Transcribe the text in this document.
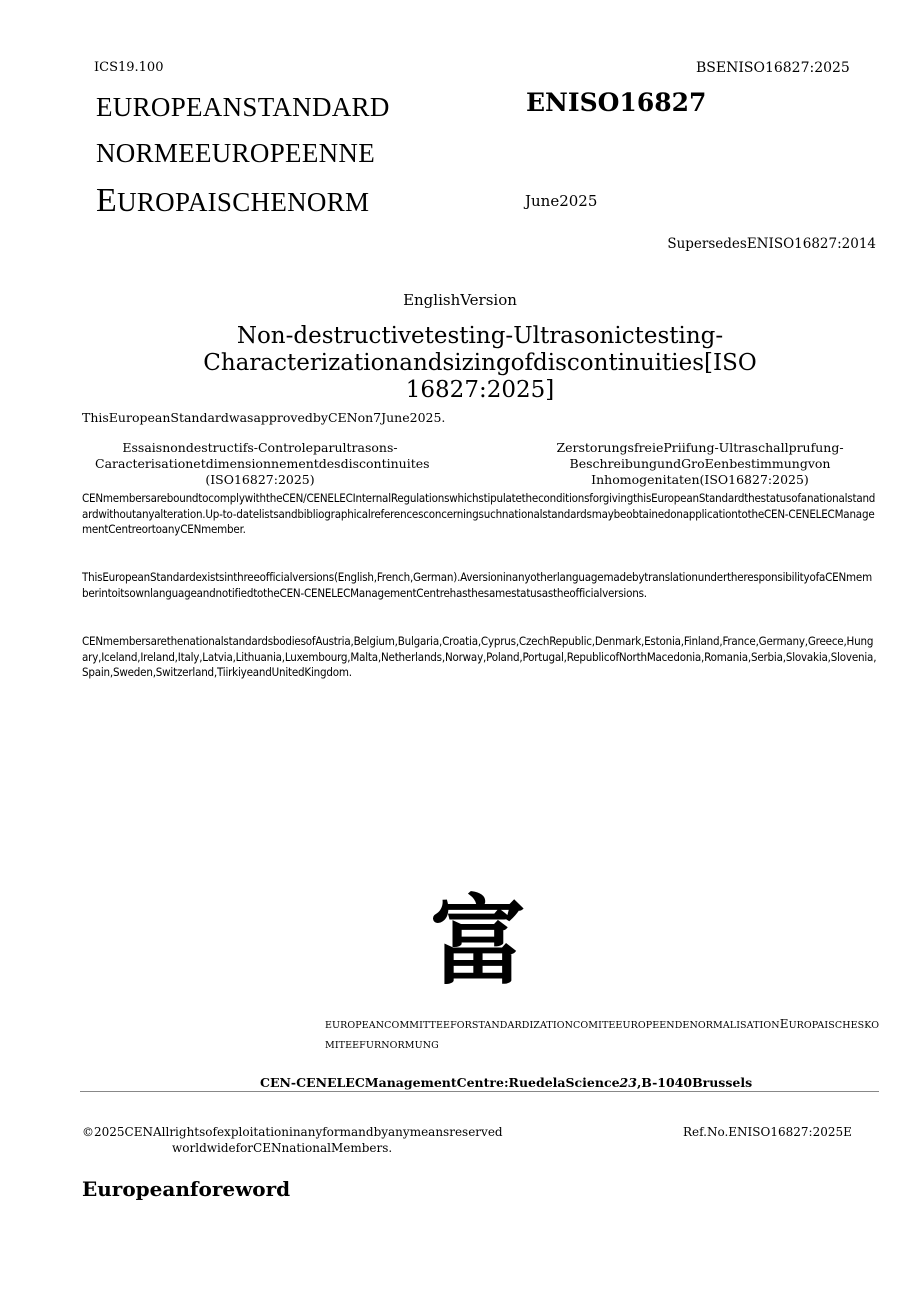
ICS19.100	BSENISO16827:2025
EUROPEANSTANDARD
NORMEEUROPEENNE
EUROPAISCHENORM
ENISO16827
June2025
SupersedesENISO16827:2014
EnglishVersion
Non-destructivetesting-Ultrasonictesting-Characterizationandsizingofdiscontinuities[ISO 16827:2025]
ThisEuropeanStandardwasapprovedbyCENon7June2025.
Essaisnondestructifs-Controleparultrasons-Caracterisationetdimensionnementdesdiscontinuites (ISO16827:2025)
ZerstorungsfreiePriifung-Ultraschallprufung-BeschreibungundGroEenbestimmungvon Inhomogenitaten(ISO16827:2025)
CENmembersareboundtocomplywiththeCEN/CENELECInternalRegulationswhichstipulatetheconditionsforgivingthisEuropeanStandardthestatusofanationalstandardwithoutanyalteration.Up-to-datelistsandbibliographicalreferencesconcerningsuchnationalstandardsmaybeobtainedonapplicationtotheCEN-CENELECManagementCentreortoanyCENmember.
ThisEuropeanStandardexistsinthreeofficialversions(English,French,German).AversioninanyotherlanguagemadebytranslationundertheresponsibilityofaCENmemberintoitsownlanguageandnotifiedtotheCEN-CENELECManagementCentrehasthesamestatusastheofficialversions.
CENmembersarethenationalstandardsbodiesofAustria,Belgium,Bulgaria,Croatia,Cyprus,CzechRepublic,Denmark,Estonia,Finland,France,Germany,Greece,Hungary,Iceland,Ireland,Italy,Latvia,Lithuania,Luxembourg,Malta,Netherlands,Norway,Poland,Portugal,RepublicofNorthMacedonia,Romania,Serbia,Slovakia,Slovenia,Spain,Sweden,Switzerland,TiirkiyeandUnitedKingdom.
富
EUROPEANCOMMITTEEFORSTANDARDIZATIONCOMITEEUROPEENDENORMALISATIONEUROPAISCHESKOMITEEFURNORMUNG
CEN-CENELECManagementCentre:RuedelaScience23,B-1040Brussels
©2025CENAllrightsofexploitationinanyformandbyanymeansreserved
worldwideforCENnationalMembers.
Ref.No.ENISO16827:2025E
Europeanforeword
